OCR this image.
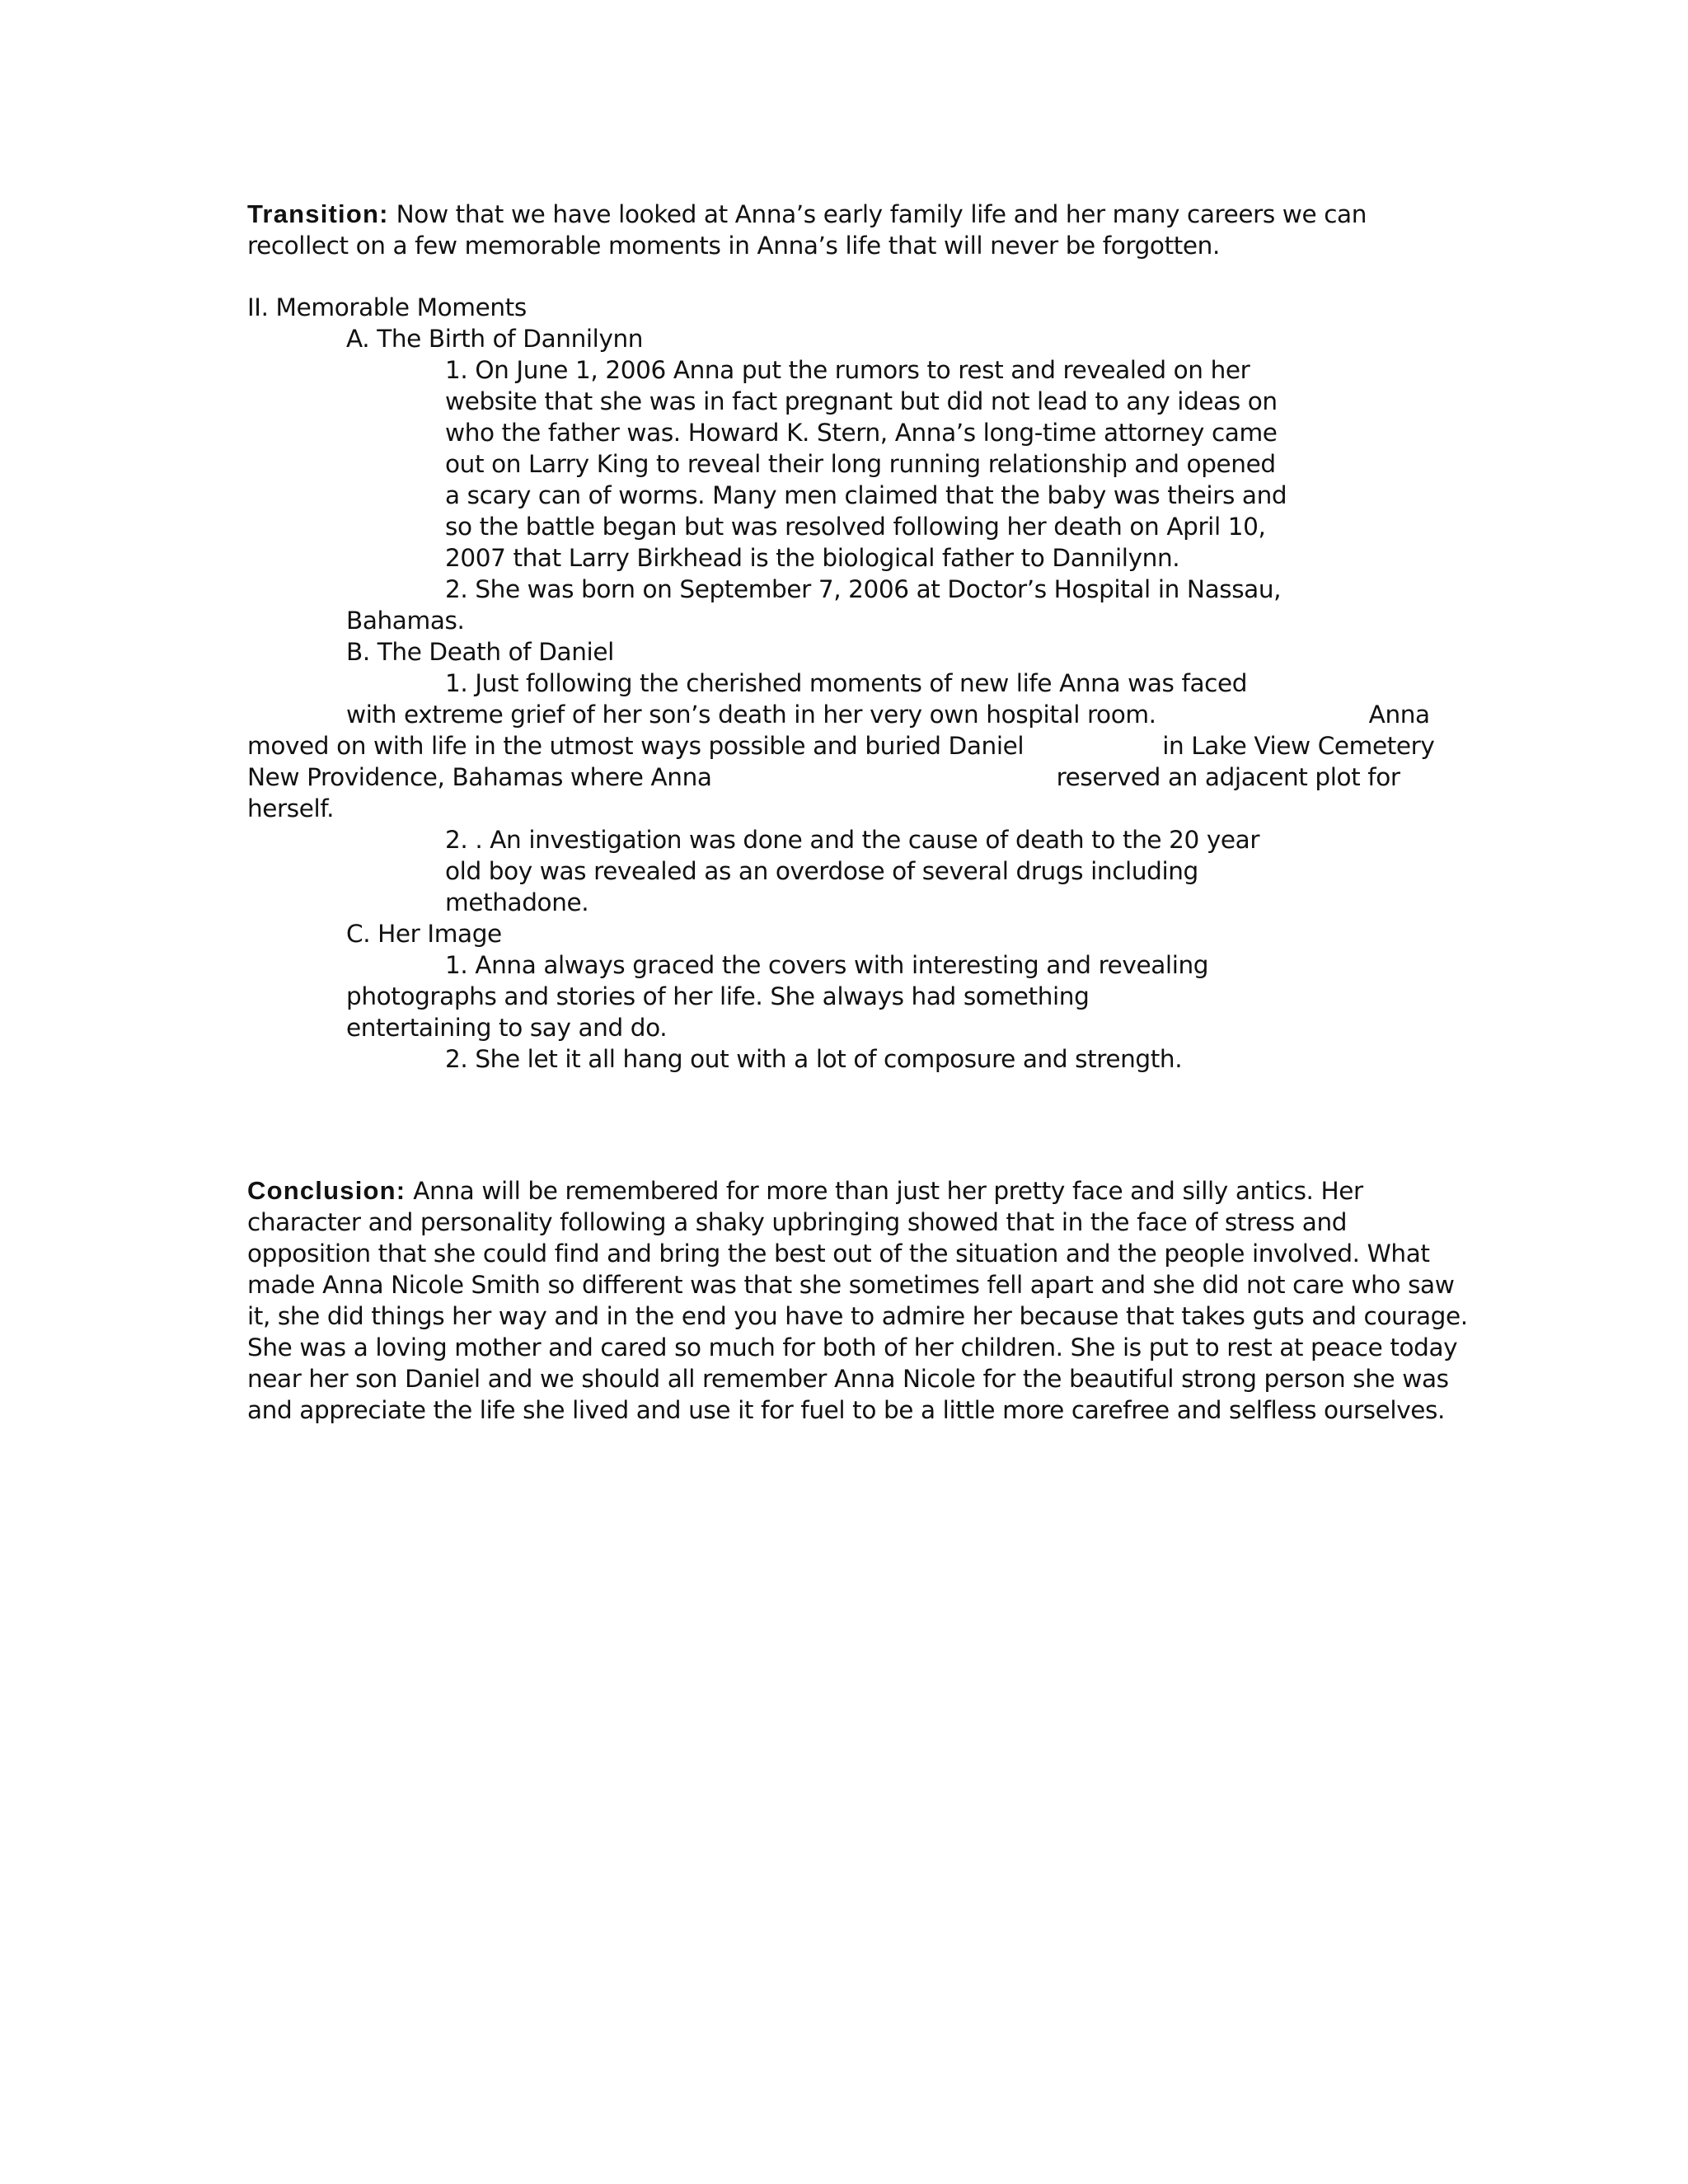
Transition: Now that we have looked at Anna’s early family life and her many careers we can
recollect on a few memorable moments in Anna’s life that will never be forgotten.
II. Memorable Moments
A. The Birth of Dannilynn
1. On June 1, 2006 Anna put the rumors to rest and revealed on her
website that she was in fact pregnant but did not lead to any ideas on
who the father was. Howard K. Stern, Anna’s long-time attorney came
out on Larry King to reveal their long running relationship and opened
a scary can of worms. Many men claimed that the baby was theirs and
so the battle began but was resolved following her death on April 10,
2007 that Larry Birkhead is the biological father to Dannilynn.
2. She was born on September 7, 2006 at Doctor’s Hospital in Nassau,
Bahamas.
B. The Death of Daniel
1. Just following the cherished moments of new life Anna was faced
with extreme grief of her son’s death in her very own hospital room.	Anna
moved on with life in the utmost ways possible and buried Daniel	in Lake View Cemetery
New Providence, Bahamas where Anna	reserved an adjacent plot for
herself.
2. . An investigation was done and the cause of death to the 20 year
old boy was revealed as an overdose of several drugs including
methadone.
C. Her Image
1. Anna always graced the covers with interesting and revealing
photographs and stories of her life. She always had something
entertaining to say and do.
2. She let it all hang out with a lot of composure and strength.
Conclusion: Anna will be remembered for more than just her pretty face and silly antics. Her
character and personality following a shaky upbringing showed that in the face of stress and
opposition that she could find and bring the best out of the situation and the people involved. What
made Anna Nicole Smith so different was that she sometimes fell apart and she did not care who saw
it, she did things her way and in the end you have to admire her because that takes guts and courage.
She was a loving mother and cared so much for both of her children. She is put to rest at peace today
near her son Daniel and we should all remember Anna Nicole for the beautiful strong person she was
and appreciate the life she lived and use it for fuel to be a little more carefree and selfless ourselves.
